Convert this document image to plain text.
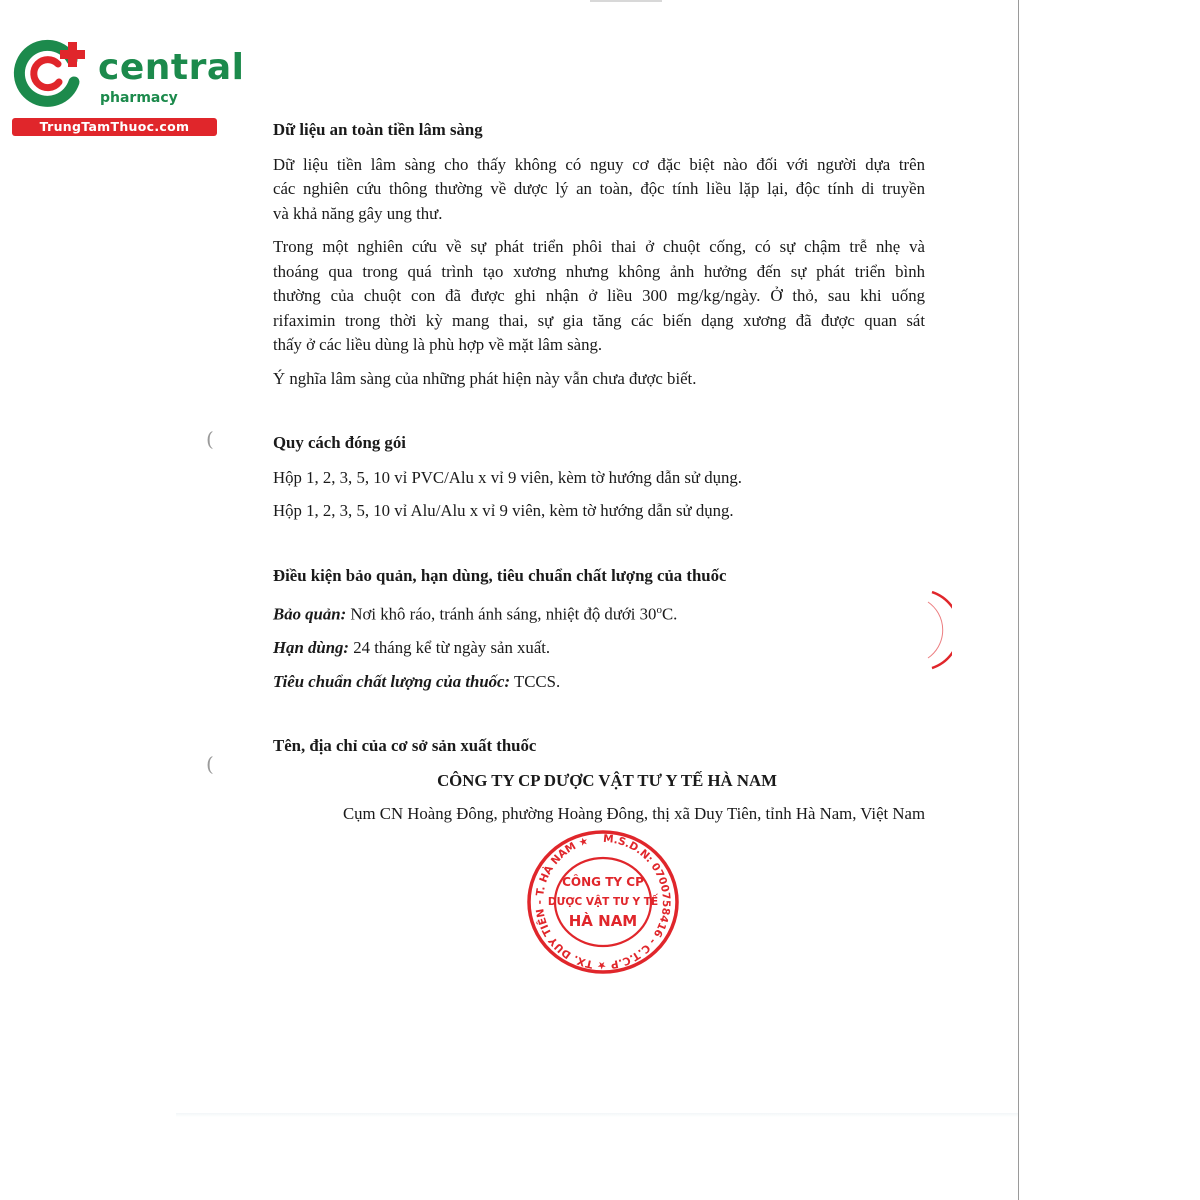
central

pharmacy
TrungTamThuoc.com	Dữ liệu an toàn tiền lâm sàng

Dữ liệu tiền lâm sàng cho thấy không có nguy cơ đặc biệt nào đối với người dựa trên

các nghiên cứu thông thường về dược lý an toàn, độc tính liều lặp lại, độc tính di truyền

và khả năng gây ung thư.

Trong một nghiên cứu về sự phát triển phôi thai ở chuột cống, có sự chậm trễ nhẹ và

thoáng qua trong quá trình tạo xương nhưng không ảnh hưởng đến sự phát triển bình

thường của chuột con đã được ghi nhận ở liều 300 mg/kg/ngày. Ở thỏ, sau khi uống

rifaximin trong thời kỳ mang thai, sự gia tăng các biến dạng xương đã được quan sát

thấy ở các liều dùng là phù hợp về mặt lâm sàng.

Ý nghĩa lâm sàng của những phát hiện này vẫn chưa được biết.

Quy cách đóng gói

Hộp 1, 2, 3, 5, 10 vỉ PVC/Alu x vỉ 9 viên, kèm tờ hướng dẫn sử dụng.

Hộp 1, 2, 3, 5, 10 vỉ Alu/Alu x vỉ 9 viên, kèm tờ hướng dẫn sử dụng.

Điều kiện bảo quản, hạn dùng, tiêu chuẩn chất lượng của thuốc

Bảo quản: Nơi khô ráo, tránh ánh sáng, nhiệt độ dưới 30$^o$C.

Hạn dùng: 24 tháng kể từ ngày sản xuất.

Tiêu chuẩn chất lượng của thuốc: TCCS.

Tên, địa chỉ của cơ sở sản xuất thuốc

CÔNG TY CP DƯỢC VẬT TƯ Y TẾ HÀ NAM

Cụm CN Hoàng Đông, phường Hoàng Đông, thị xã Duy Tiên, tỉnh Hà Nam, Việt Nam

(
(
M.S.D.N: 0700758416 - C.T.C.P ★ TX. DUY TIÊN - T. HÀ NAM ★
CÔNG TY CP
DƯỢC VẬT TƯ Y TẾ
HÀ NAM
